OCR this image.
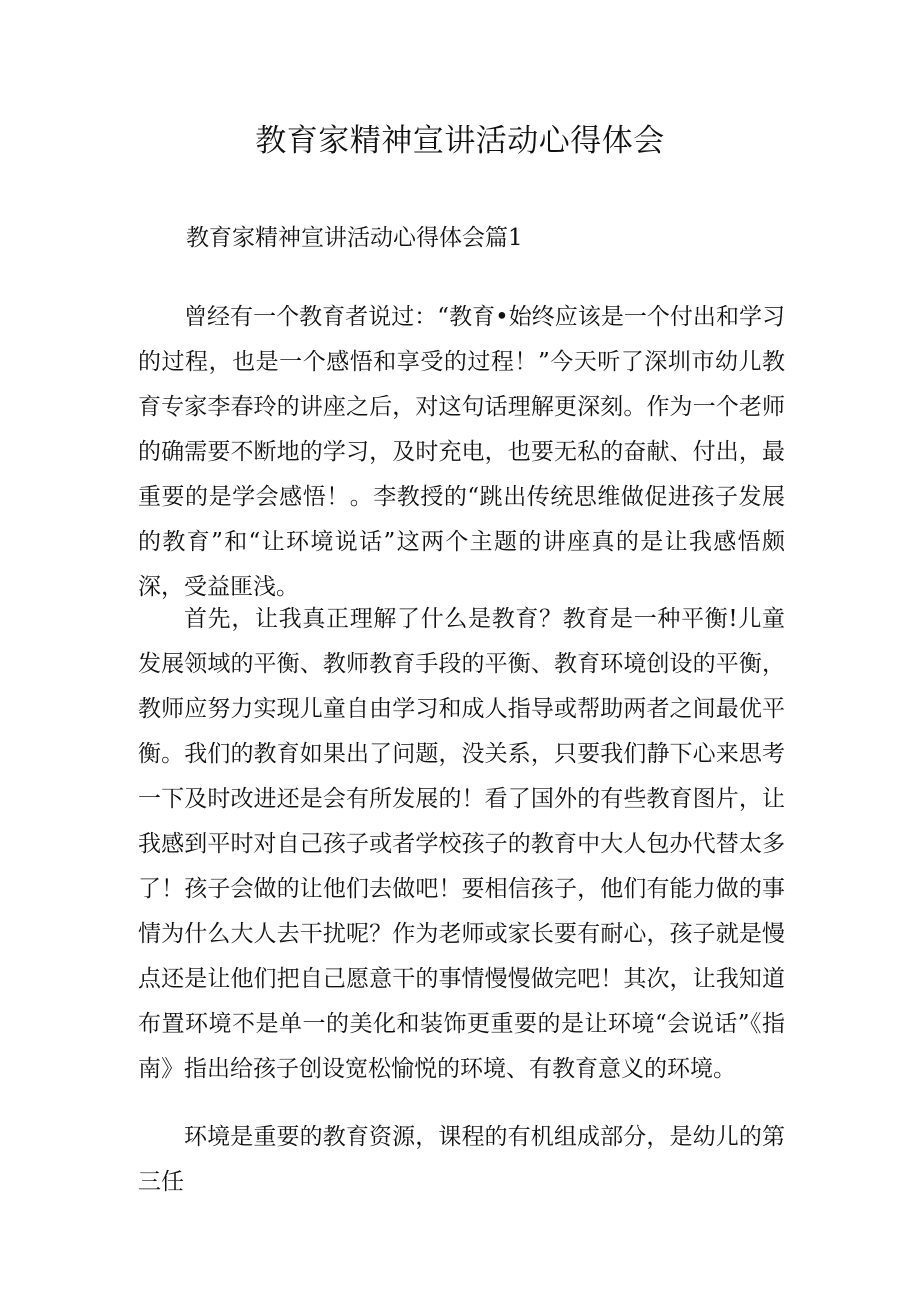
教育家精神宣讲活动心得体会

教育家精神宣讲活动心得体会篇1

曾经有一个教育者说过：“教育•始终应该是一个付出和学习的过程，也是一个感悟和享受的过程！”今天听了深圳市幼儿教育专家李春玲的讲座之后，对这句话理解更深刻。作为一个老师的确需要不断地的学习，及时充电，也要无私的奋献、付出，最重要的是学会感悟！。李教授的“跳出传统思维做促进孩子发展的教育”和“让环境说话”这两个主题的讲座真的是让我感悟颇深，受益匪浅。

首先，让我真正理解了什么是教育？教育是一种平衡!儿童发展领域的平衡、教师教育手段的平衡、教育环境创设的平衡，教师应努力实现儿童自由学习和成人指导或帮助两者之间最优平衡。我们的教育如果出了问题，没关系，只要我们静下心来思考一下及时改进还是会有所发展的！看了国外的有些教育图片，让我感到平时对自己孩子或者学校孩子的教育中大人包办代替太多了！孩子会做的让他们去做吧！要相信孩子，他们有能力做的事情为什么大人去干扰呢？作为老师或家长要有耐心，孩子就是慢点还是让他们把自己愿意干的事情慢慢做完吧！其次，让我知道布置环境不是单一的美化和装饰更重要的是让环境“会说话”《指南》指出给孩子创设宽松愉悦的环境、有教育意义的环境。

环境是重要的教育资源，课程的有机组成部分，是幼儿的第三任
